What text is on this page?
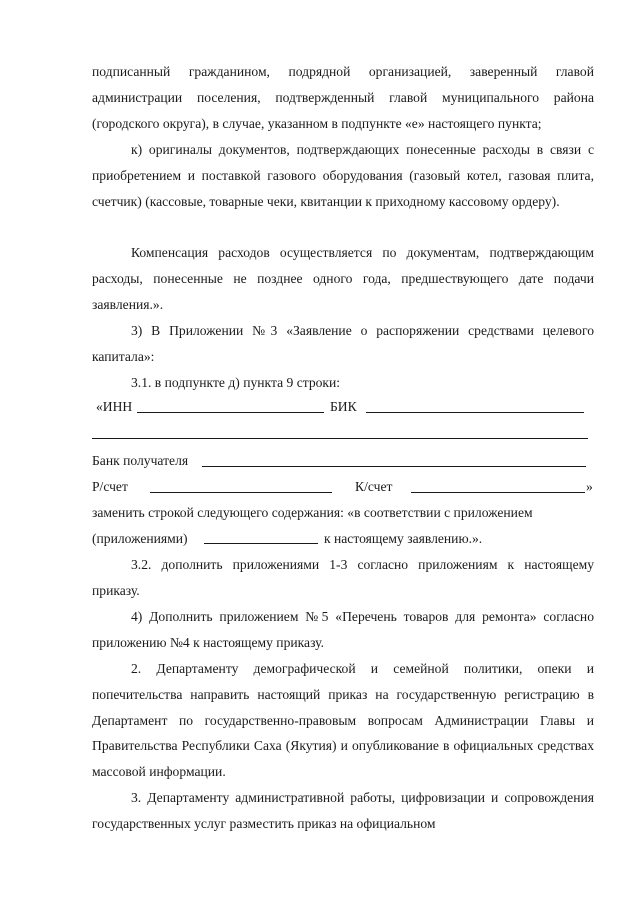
подписанный гражданином, подрядной организацией, заверенный главой администрации поселения, подтвержденный главой муниципального района (городского округа), в случае, указанном в подпункте «е» настоящего пункта;

к) оригиналы документов, подтверждающих понесенные расходы в связи с приобретением и поставкой газового оборудования (газовый котел, газовая плита, счетчик) (кассовые, товарные чеки, квитанции к приходному кассовому ордеру).

Компенсация расходов осуществляется по документам, подтверждающим расходы, понесенные не позднее одного года, предшествующего дате подачи заявления.».

3) В Приложении №3 «Заявление о распоряжении средствами целевого капитала»:

3.1. в подпункте д) пункта 9 строки:

«ИНН	БИК
Банк получателя
Р/счет	К/счет	»

заменить строкой следующего содержания: «в соответствии с приложением

(приложениями)	к настоящему заявлению.».

3.2. дополнить приложениями 1-3 согласно приложениям к настоящему приказу.

4) Дополнить приложением №5 «Перечень товаров для ремонта» согласно приложению №4 к настоящему приказу.

2. Департаменту демографической и семейной политики, опеки и попечительства направить настоящий приказ на государственную регистрацию в Департамент по государственно-правовым вопросам Администрации Главы и Правительства Республики Саха (Якутия) и опубликование в официальных средствах массовой информации.

3. Департаменту административной работы, цифровизации и сопровождения государственных услуг разместить приказ на официальном
